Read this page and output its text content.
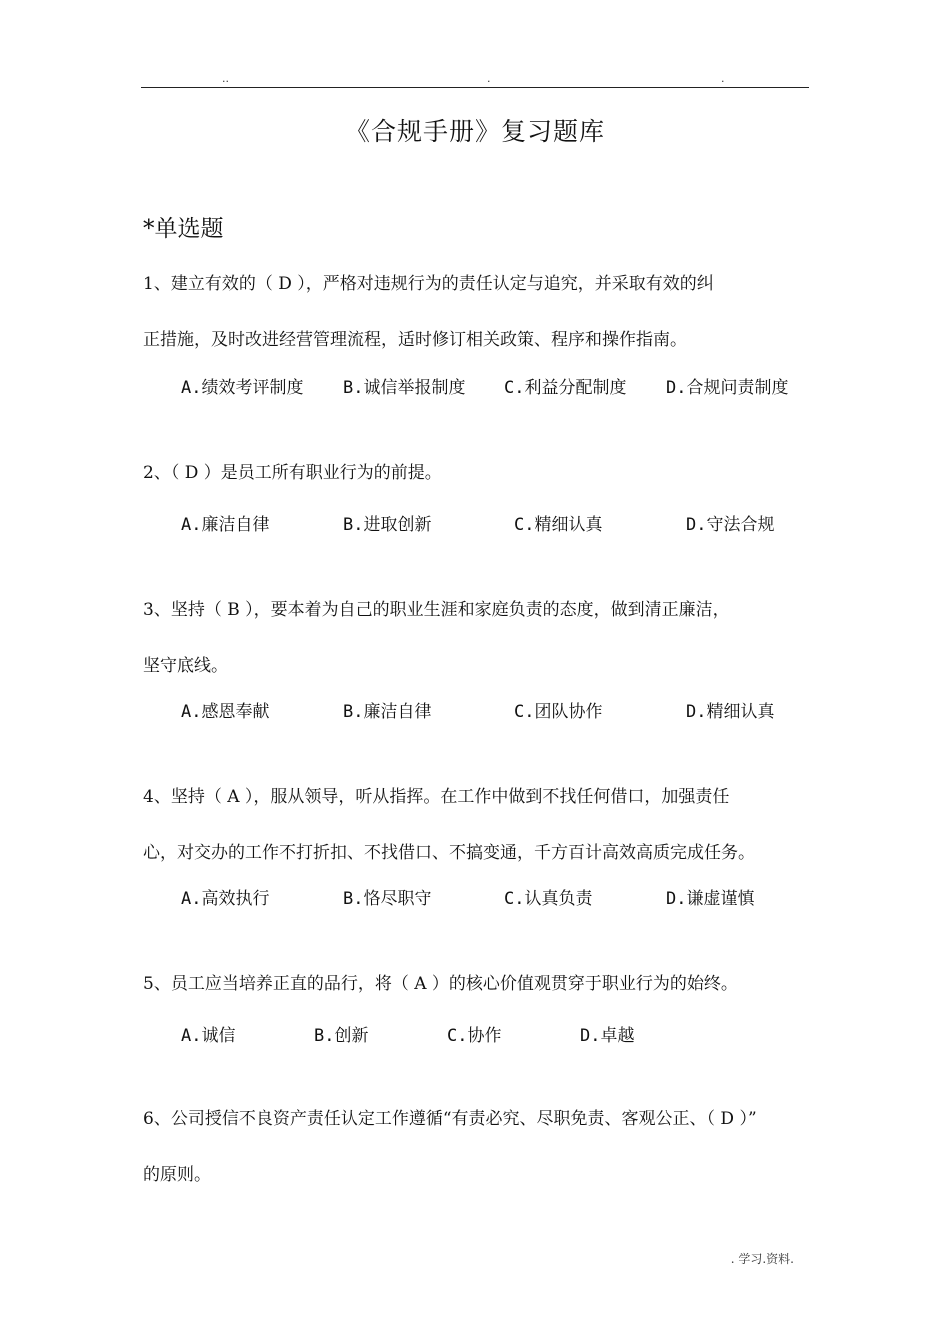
..	.	.
《合规手册》复习题库
*单选题
1、建立有效的（ D ），严格对违规行为的责任认定与追究，并采取有效的纠
正措施，及时改进经营管理流程，适时修订相关政策、程序和操作指南。
A.绩效考评制度 B.诚信举报制度 C.利益分配制度 D.合规问责制度
2、（ D ）是员工所有职业行为的前提。
A.廉洁自律	B.进取创新	C.精细认真	D.守法合规
3、坚持（ B ），要本着为自己的职业生涯和家庭负责的态度，做到清正廉洁，
坚守底线。
A.感恩奉献	B.廉洁自律	C.团队协作	D.精细认真
4、坚持（ A ），服从领导，听从指挥。在工作中做到不找任何借口，加强责任
心，对交办的工作不打折扣、不找借口、不搞变通，千方百计高效高质完成任务。
A.高效执行	B.恪尽职守	C.认真负责	D.谦虚谨慎
5、员工应当培养正直的品行，将（ A ）的核心价值观贯穿于职业行为的始终。
A.诚信	B.创新	C.协作	D.卓越
6、公司授信不良资产责任认定工作遵循“有责必究、尽职免责、客观公正、（ D ）”
的原则。
. 学习.资料.
